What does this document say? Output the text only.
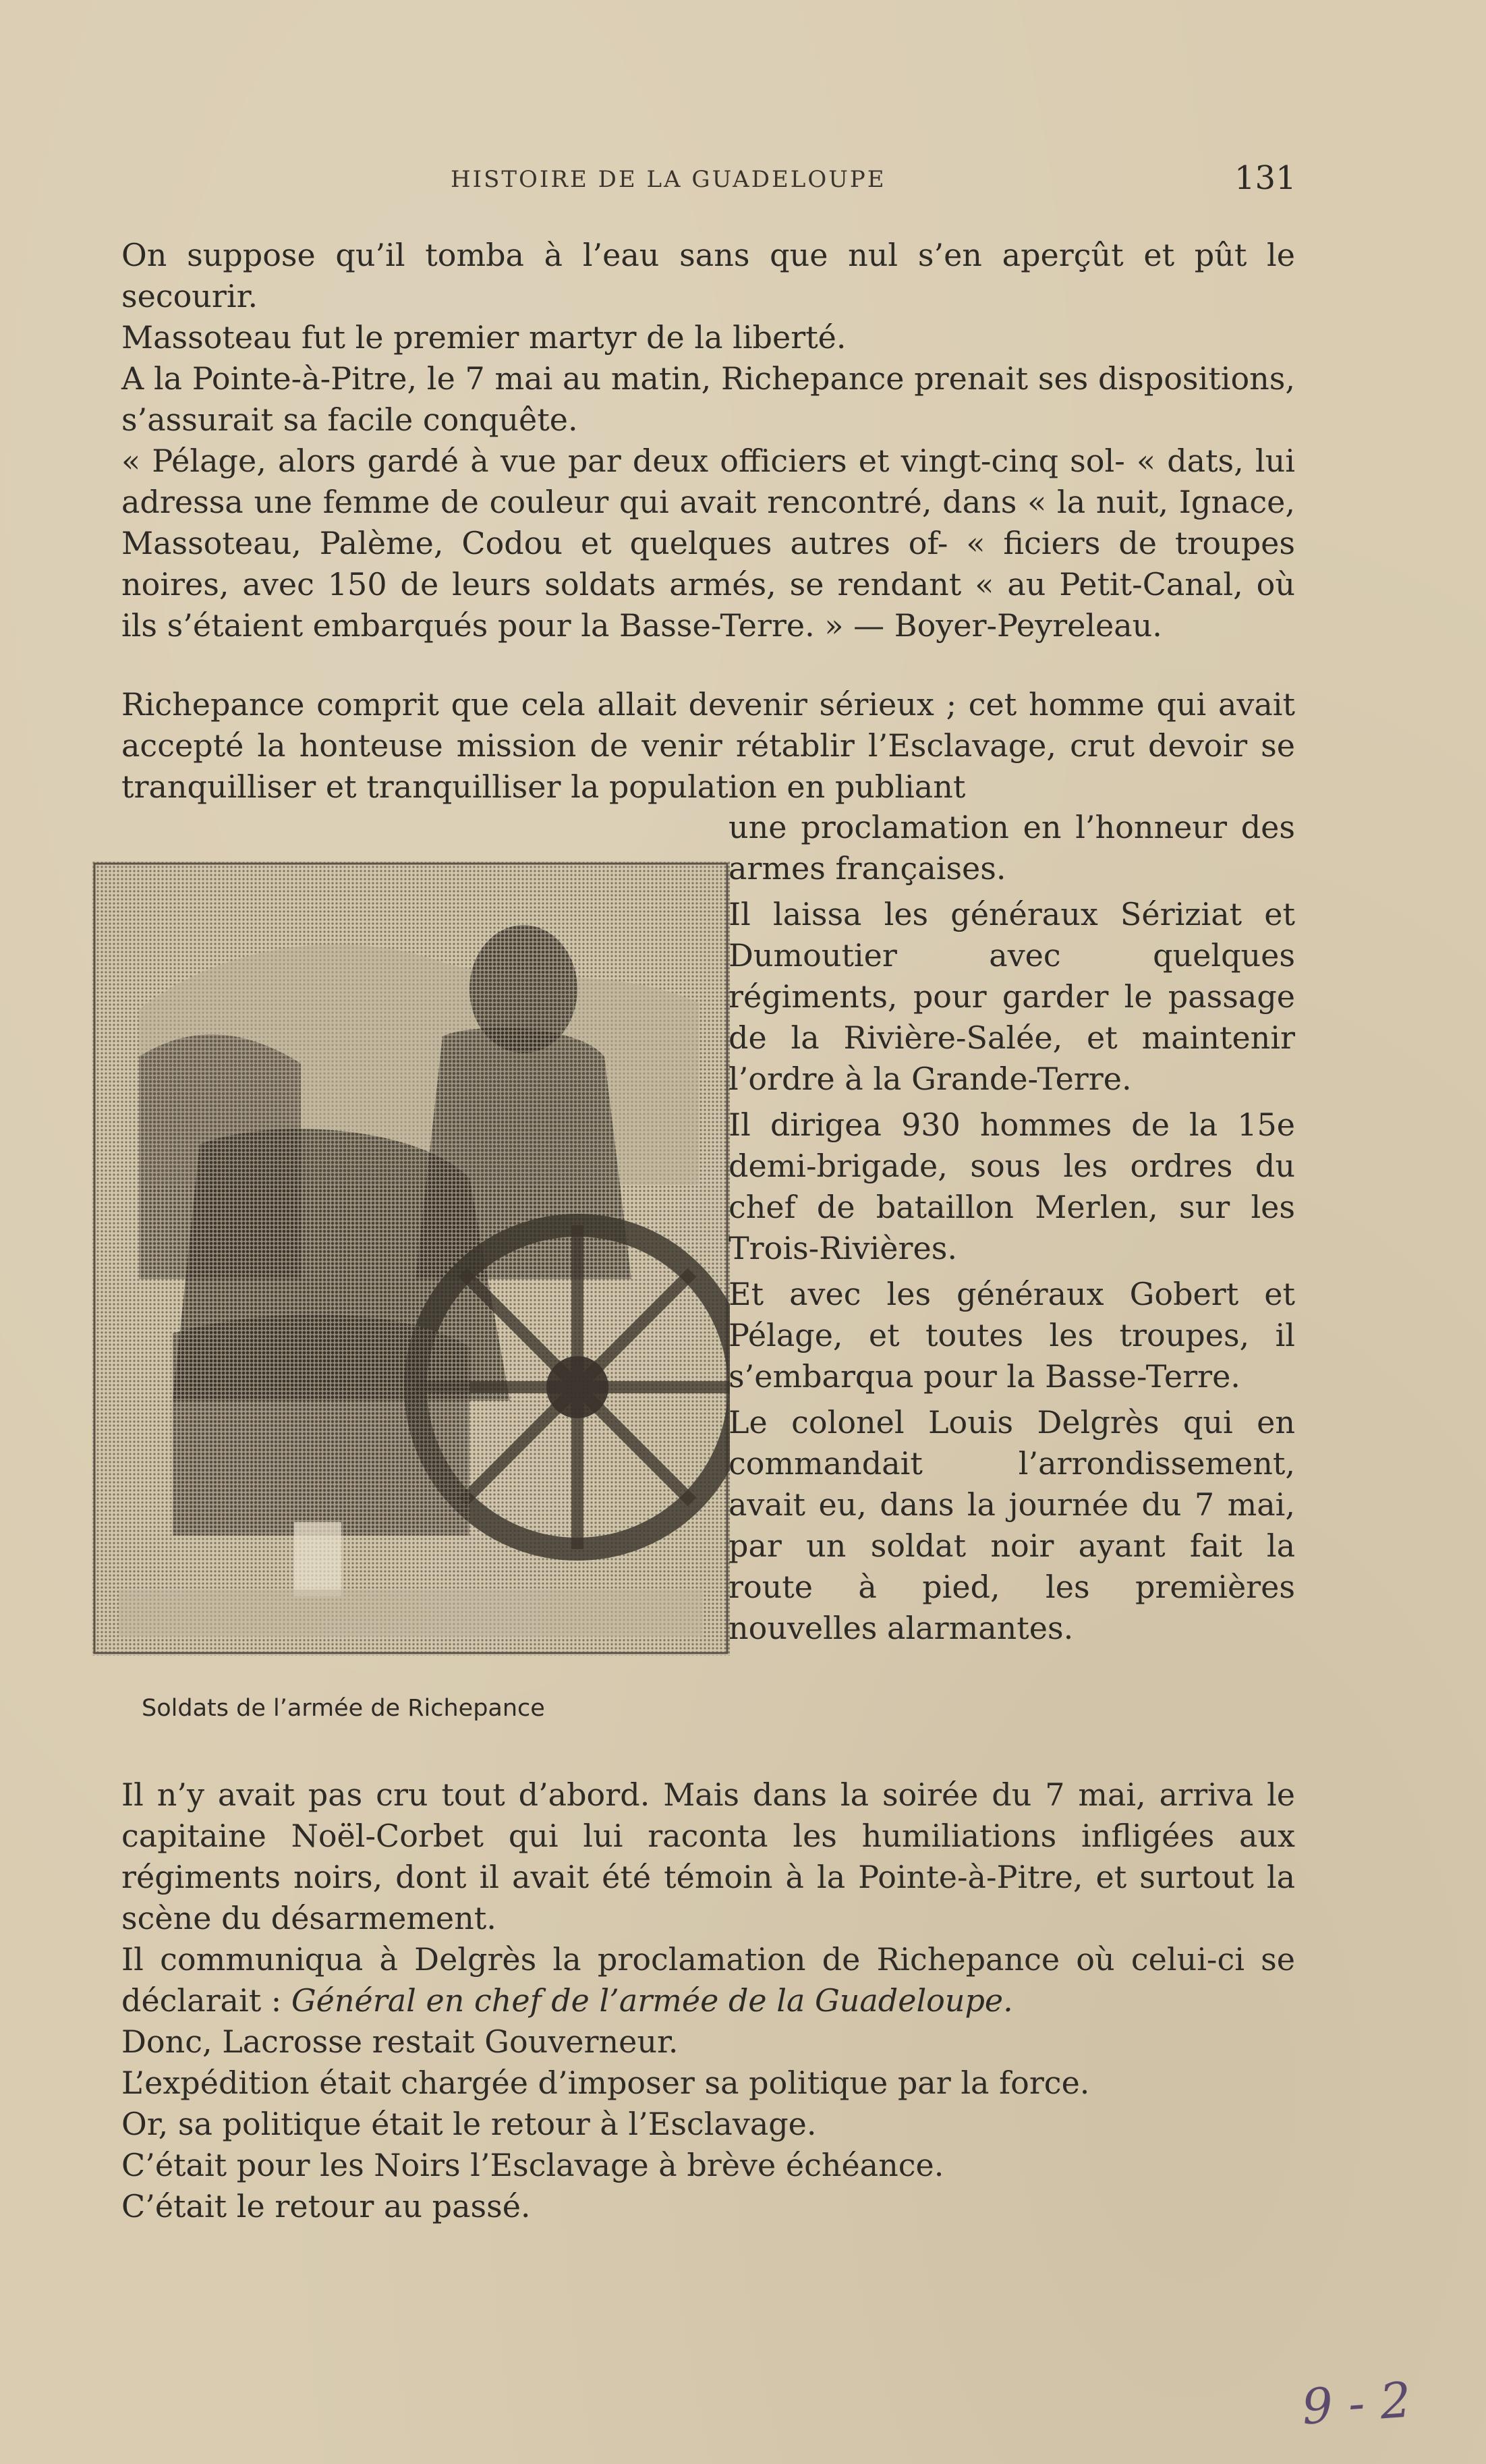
HISTOIRE DE LA GUADELOUPE	131

On suppose qu’il tomba à l’eau sans que nul s’en aperçût et pût le secourir.

Massoteau fut le premier martyr de la liberté.

A la Pointe-à-Pitre, le 7 mai au matin, Richepance prenait ses dispositions, s’assurait sa facile conquête.

« Pélage, alors gardé à vue par deux officiers et vingt-cinq sol- « dats, lui adressa une femme de couleur qui avait rencontré, dans « la nuit, Ignace, Massoteau, Palème, Codou et quelques autres of- « ficiers de troupes noires, avec 150 de leurs soldats armés, se rendant « au Petit-Canal, où ils s’étaient embarqués pour la Basse-Terre. » — Boyer-Peyreleau.

Richepance comprit que cela allait devenir sérieux ; cet homme qui avait accepté la honteuse mission de venir rétablir l’Esclavage, crut devoir se tranquilliser et tranquilliser la population en publiant

une proclamation en l’honneur des armes françaises.

Il laissa les généraux Sériziat et Dumoutier avec quelques régiments, pour garder le passage de la Rivière-Salée, et maintenir l’ordre à la Grande-Terre.

Il dirigea 930 hommes de la 15e demi-brigade, sous les ordres du chef de bataillon Merlen, sur les Trois-Rivières.

Et avec les généraux Gobert et Pélage, et toutes les troupes, il s’embarqua pour la Basse-Terre.

Le colonel Louis Delgrès qui en commandait l’arrondissement, avait eu, dans la journée du 7 mai, par un soldat noir ayant fait la route à pied, les premières nouvelles alarmantes.

Soldats de l’armée de Richepance

Il n’y avait pas cru tout d’abord. Mais dans la soirée du 7 mai, arriva le capitaine Noël-Corbet qui lui raconta les humiliations infligées aux régiments noirs, dont il avait été témoin à la Pointe-à-Pitre, et surtout la scène du désarmement.

Il communiqua à Delgrès la proclamation de Richepance où celui-ci se déclarait : Général en chef de l’armée de la Guadeloupe.

Donc, Lacrosse restait Gouverneur.

L’expédition était chargée d’imposer sa politique par la force.

Or, sa politique était le retour à l’Esclavage.

C’était pour les Noirs l’Esclavage à brève échéance.

C’était le retour au passé.

9 - 2
